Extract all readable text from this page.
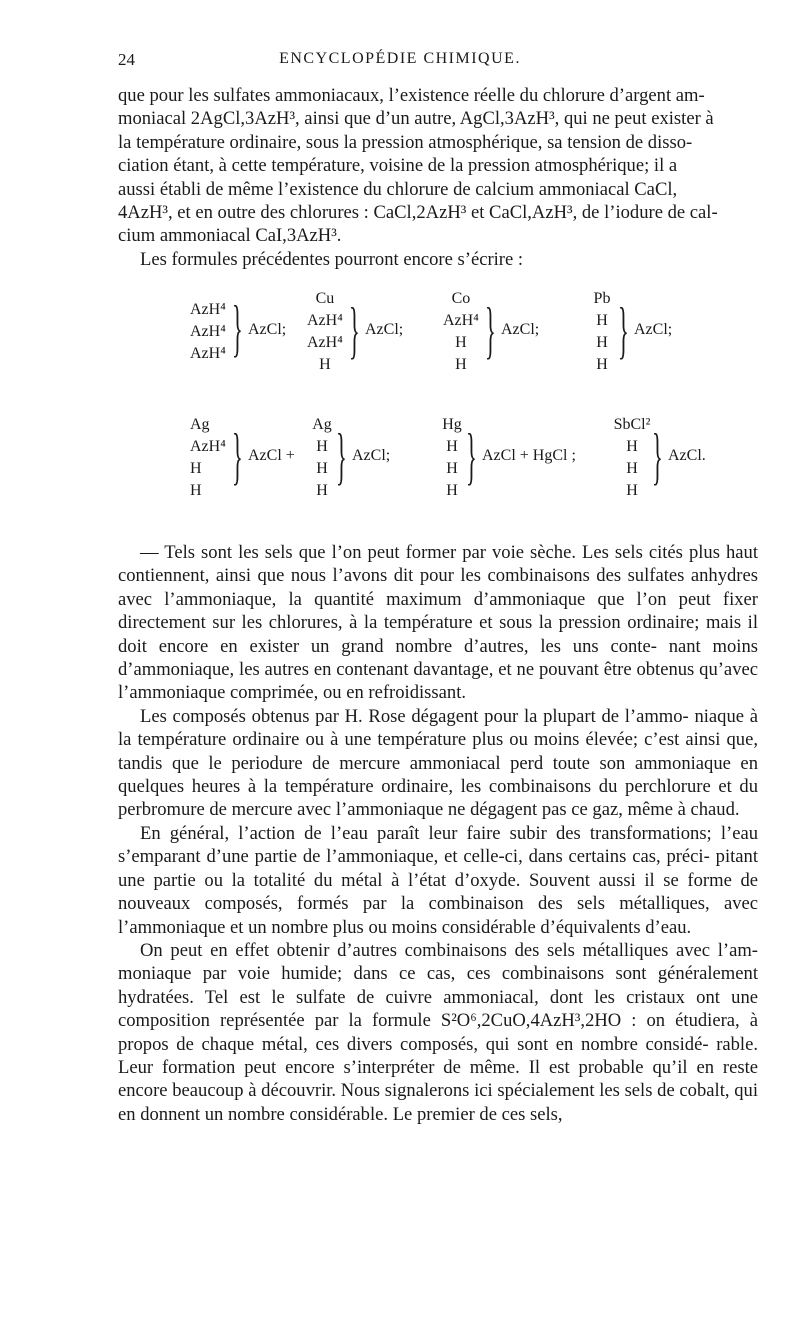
24	ENCYCLOPÉDIE CHIMIQUE.
que pour les sulfates ammoniacaux, l’existence réelle du chlorure d’argent am-
moniacal 2AgCl,3AzH³, ainsi que d’un autre, AgCl,3AzH³, qui ne peut exister à
la température ordinaire, sous la pression atmosphérique, sa tension de disso-
ciation étant, à cette température, voisine de la pression atmosphérique; il a
aussi établi de même l’existence du chlorure de calcium ammoniacal CaCl,
4AzH³, et en outre des chlorures : CaCl,2AzH³ et CaCl,AzH³, de l’iodure de cal-
cium ammoniacal CaI,3AzH³.
Les formules précédentes pourront encore s’écrire :
AzH⁴
AzH⁴
AzH⁴ } AzCl;
Cu
AzH⁴
AzH⁴
H } AzCl;
Co
AzH⁴
H
H } AzCl;
Pb
H
H
H } AzCl;
Ag
AzH⁴
H
H } AzCl +
Ag
H
H
H } AzCl;
Hg
H
H
H } AzCl + HgCl ;
SbCl²
H
H
H } AzCl.

— Tels sont les sels que l’on peut former par voie sèche. Les sels cités plus haut contiennent, ainsi que nous l’avons dit pour les combinaisons des sulfates anhydres avec l’ammoniaque, la quantité maximum d’ammoniaque que l’on peut fixer directement sur les chlorures, à la température et sous la pression ordinaire; mais il doit encore en exister un grand nombre d’autres, les uns conte- nant moins d’ammoniaque, les autres en contenant davantage, et ne pouvant être obtenus qu’avec l’ammoniaque comprimée, ou en refroidissant.

Les composés obtenus par H. Rose dégagent pour la plupart de l’ammo- niaque à la température ordinaire ou à une température plus ou moins élevée; c’est ainsi que, tandis que le periodure de mercure ammoniacal perd toute son ammoniaque en quelques heures à la température ordinaire, les combinaisons du perchlorure et du perbromure de mercure avec l’ammoniaque ne dégagent pas ce gaz, même à chaud.

En général, l’action de l’eau paraît leur faire subir des transformations; l’eau s’emparant d’une partie de l’ammoniaque, et celle-ci, dans certains cas, préci- pitant une partie ou la totalité du métal à l’état d’oxyde. Souvent aussi il se forme de nouveaux composés, formés par la combinaison des sels métalliques, avec l’ammoniaque et un nombre plus ou moins considérable d’équivalents d’eau.

On peut en effet obtenir d’autres combinaisons des sels métalliques avec l’am- moniaque par voie humide; dans ce cas, ces combinaisons sont généralement hydratées. Tel est le sulfate de cuivre ammoniacal, dont les cristaux ont une composition représentée par la formule S²O⁶,2CuO,4AzH³,2HO : on étudiera, à propos de chaque métal, ces divers composés, qui sont en nombre considé- rable. Leur formation peut encore s’interpréter de même. Il est probable qu’il en reste encore beaucoup à découvrir. Nous signalerons ici spécialement les sels de cobalt, qui en donnent un nombre considérable. Le premier de ces sels,
